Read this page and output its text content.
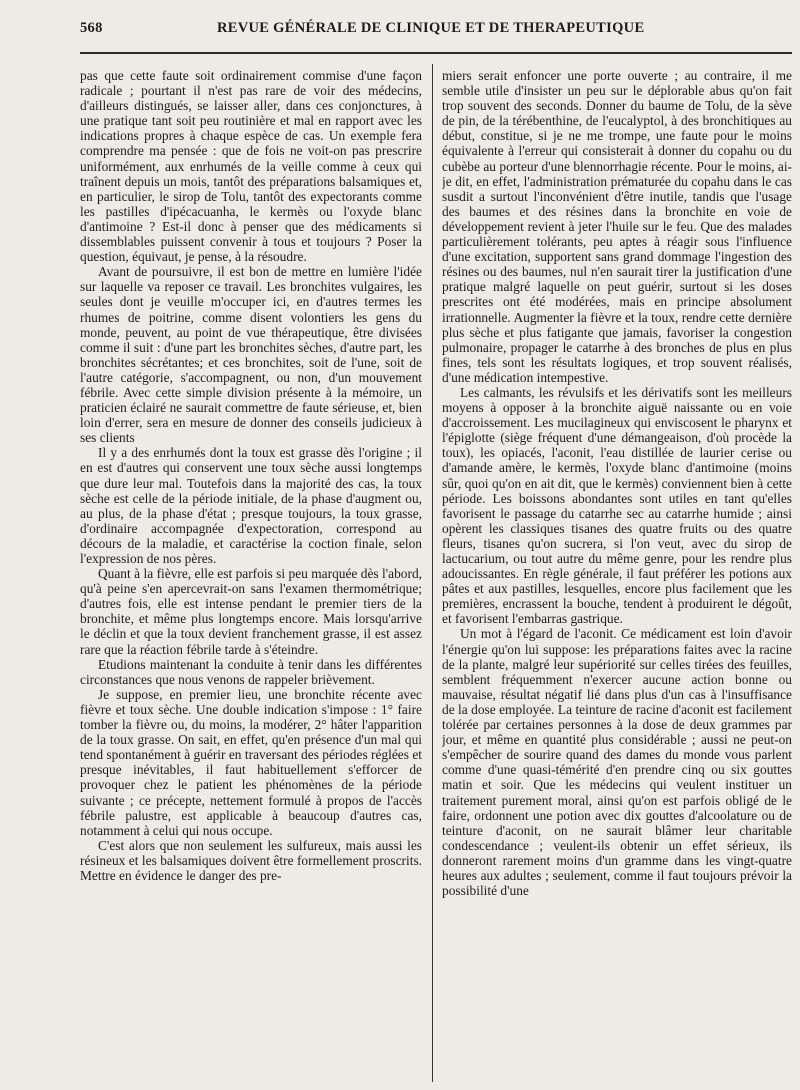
568	REVUE GÉNÉRALE DE CLINIQUE ET DE THERAPEUTIQUE

pas que cette faute soit ordinairement commise d'une façon radicale ; pourtant il n'est pas rare de voir des médecins, d'ailleurs distingués, se laisser aller, dans ces conjonctures, à une pratique tant soit peu routinière et mal en rapport avec les indications propres à chaque espèce de cas. Un exemple fera comprendre ma pensée : que de fois ne voit-on pas prescrire uniformément, aux enrhumés de la veille comme à ceux qui traînent depuis un mois, tantôt des préparations balsamiques et, en particulier, le sirop de Tolu, tantôt des expectorants comme les pastilles d'ipécacuanha, le kermès ou l'oxyde blanc d'antimoine ? Est-il donc à penser que des médicaments si dissemblables puissent convenir à tous et toujours ? Poser la question, équivaut, je pense, à la résoudre.

Avant de poursuivre, il est bon de mettre en lumière l'idée sur laquelle va reposer ce travail. Les bronchites vulgaires, les seules dont je veuille m'occuper ici, en d'autres termes les rhumes de poitrine, comme disent volontiers les gens du monde, peuvent, au point de vue thérapeutique, être divisées comme il suit : d'une part les bronchites sèches, d'autre part, les bronchites sécrétantes; et ces bronchites, soit de l'une, soit de l'autre catégorie, s'accompagnent, ou non, d'un mouvement fébrile. Avec cette simple division présente à la mémoire, un praticien éclairé ne saurait commettre de faute sérieuse, et, bien loin d'errer, sera en mesure de donner des conseils judicieux à ses clients

Il y a des enrhumés dont la toux est grasse dès l'origine ; il en est d'autres qui conservent une toux sèche aussi longtemps que dure leur mal. Toutefois dans la majorité des cas, la toux sèche est celle de la période initiale, de la phase d'augment ou, au plus, de la phase d'état ; presque toujours, la toux grasse, d'ordinaire accompagnée d'expectoration, correspond au décours de la maladie, et caractérise la coction finale, selon l'expression de nos pères.

Quant à la fièvre, elle est parfois si peu marquée dès l'abord, qu'à peine s'en apercevrait-on sans l'examen thermométrique; d'autres fois, elle est intense pendant le premier tiers de la bronchite, et même plus longtemps encore. Mais lorsqu'arrive le déclin et que la toux devient franchement grasse, il est assez rare que la réaction fébrile tarde à s'éteindre.

Etudions maintenant la conduite à tenir dans les différentes circonstances que nous venons de rappeler brièvement.

Je suppose, en premier lieu, une bronchite récente avec fièvre et toux sèche. Une double indication s'impose : 1° faire tomber la fièvre ou, du moins, la modérer, 2° hâter l'apparition de la toux grasse. On sait, en effet, qu'en présence d'un mal qui tend spontanément à guérir en traversant des périodes réglées et presque inévitables, il faut habituellement s'efforcer de provoquer chez le patient les phénomènes de la période suivante ; ce précepte, nettement formulé à propos de l'accès fébrile palustre, est applicable à beaucoup d'autres cas, notamment à celui qui nous occupe.

C'est alors que non seulement les sulfureux, mais aussi les résineux et les balsamiques doivent être formellement proscrits. Mettre en évidence le danger des pre-

miers serait enfoncer une porte ouverte ; au contraire, il me semble utile d'insister un peu sur le déplorable abus qu'on fait trop souvent des seconds. Donner du baume de Tolu, de la sève de pin, de la térébenthine, de l'eucalyptol, à des bronchitiques au début, constitue, si je ne me trompe, une faute pour le moins équivalente à l'erreur qui consisterait à donner du copahu ou du cubèbe au porteur d'une blennorrhagie récente. Pour le moins, ai-je dit, en effet, l'administration prématurée du copahu dans le cas susdit a surtout l'inconvénient d'être inutile, tandis que l'usage des baumes et des résines dans la bronchite en voie de développement revient à jeter l'huile sur le feu. Que des malades particulièrement tolérants, peu aptes à réagir sous l'influence d'une excitation, supportent sans grand dommage l'ingestion des résines ou des baumes, nul n'en saurait tirer la justification d'une pratique malgré laquelle on peut guérir, surtout si les doses prescrites ont été modérées, mais en principe absolument irrationnelle. Augmenter la fièvre et la toux, rendre cette dernière plus sèche et plus fatigante que jamais, favoriser la congestion pulmonaire, propager le catarrhe à des bronches de plus en plus fines, tels sont les résultats logiques, et trop souvent réalisés, d'une médication intempestive.

Les calmants, les révulsifs et les dérivatifs sont les meilleurs moyens à opposer à la bronchite aiguë naissante ou en voie d'accroissement. Les mucilagineux qui enviscosent le pharynx et l'épiglotte (siège fréquent d'une démangeaison, d'où procède la toux), les opiacés, l'aconit, l'eau distillée de laurier cerise ou d'amande amère, le kermès, l'oxyde blanc d'antimoine (moins sûr, quoi qu'on en ait dit, que le kermès) conviennent bien à cette période. Les boissons abondantes sont utiles en tant qu'elles favorisent le passage du catarrhe sec au catarrhe humide ; ainsi opèrent les classiques tisanes des quatre fruits ou des quatre fleurs, tisanes qu'on sucrera, si l'on veut, avec du sirop de lactucarium, ou tout autre du même genre, pour les rendre plus adoucissantes. En règle générale, il faut préférer les potions aux pâtes et aux pastilles, lesquelles, encore plus facilement que les premières, encrassent la bouche, tendent à produirent le dégoût, et favorisent l'embarras gastrique.

Un mot à l'égard de l'aconit. Ce médicament est loin d'avoir l'énergie qu'on lui suppose: les préparations faites avec la racine de la plante, malgré leur supériorité sur celles tirées des feuilles, semblent fréquemment n'exercer aucune action bonne ou mauvaise, résultat négatif lié dans plus d'un cas à l'insuffisance de la dose employée. La teinture de racine d'aconit est facilement tolérée par certaines personnes à la dose de deux grammes par jour, et même en quantité plus considérable ; aussi ne peut-on s'empêcher de sourire quand des dames du monde vous parlent comme d'une quasi-témérité d'en prendre cinq ou six gouttes matin et soir. Que les médecins qui veulent instituer un traitement purement moral, ainsi qu'on est parfois obligé de le faire, ordonnent une potion avec dix gouttes d'alcoolature ou de teinture d'aconit, on ne saurait blâmer leur charitable condescendance ; veulent-ils obtenir un effet sérieux, ils donneront rarement moins d'un gramme dans les vingt-quatre heures aux adultes ; seulement, comme il faut toujours prévoir la possibilité d'une
